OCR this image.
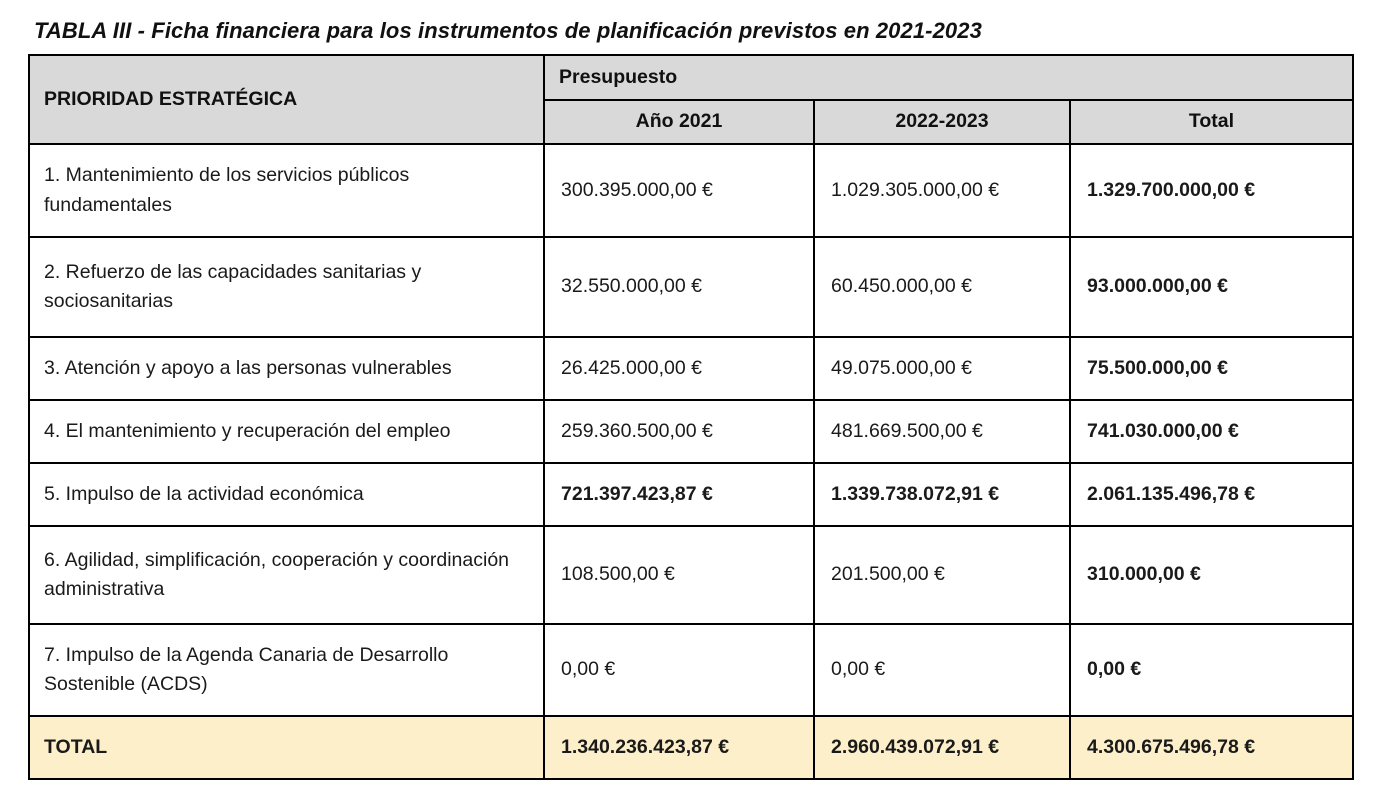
TABLA III - Ficha financiera para los instrumentos de planificación previstos en 2021-2023
PRIORIDAD ESTRATÉGICA	Presupuesto		
	Año 2021	2022-2023	Total
1. Mantenimiento de los servicios públicos fundamentales	300.395.000,00 €	1.029.305.000,00 €	1.329.700.000,00 €
2. Refuerzo de las capacidades sanitarias y sociosanitarias	32.550.000,00 €	60.450.000,00 €	93.000.000,00 €
3. Atención y apoyo a las personas vulnerables	26.425.000,00 €	49.075.000,00 €	75.500.000,00 €
4. El mantenimiento y recuperación del empleo	259.360.500,00 €	481.669.500,00 €	741.030.000,00 €
5. Impulso de la actividad económica	721.397.423,87 €	1.339.738.072,91 €	2.061.135.496,78 €
6. Agilidad, simplificación, cooperación y coordinación administrativa	108.500,00 €	201.500,00 €	310.000,00 €
7. Impulso de la Agenda Canaria de Desarrollo Sostenible (ACDS)	0,00 €	0,00 €	0,00 €
TOTAL	1.340.236.423,87 €	2.960.439.072,91 €	4.300.675.496,78 €
